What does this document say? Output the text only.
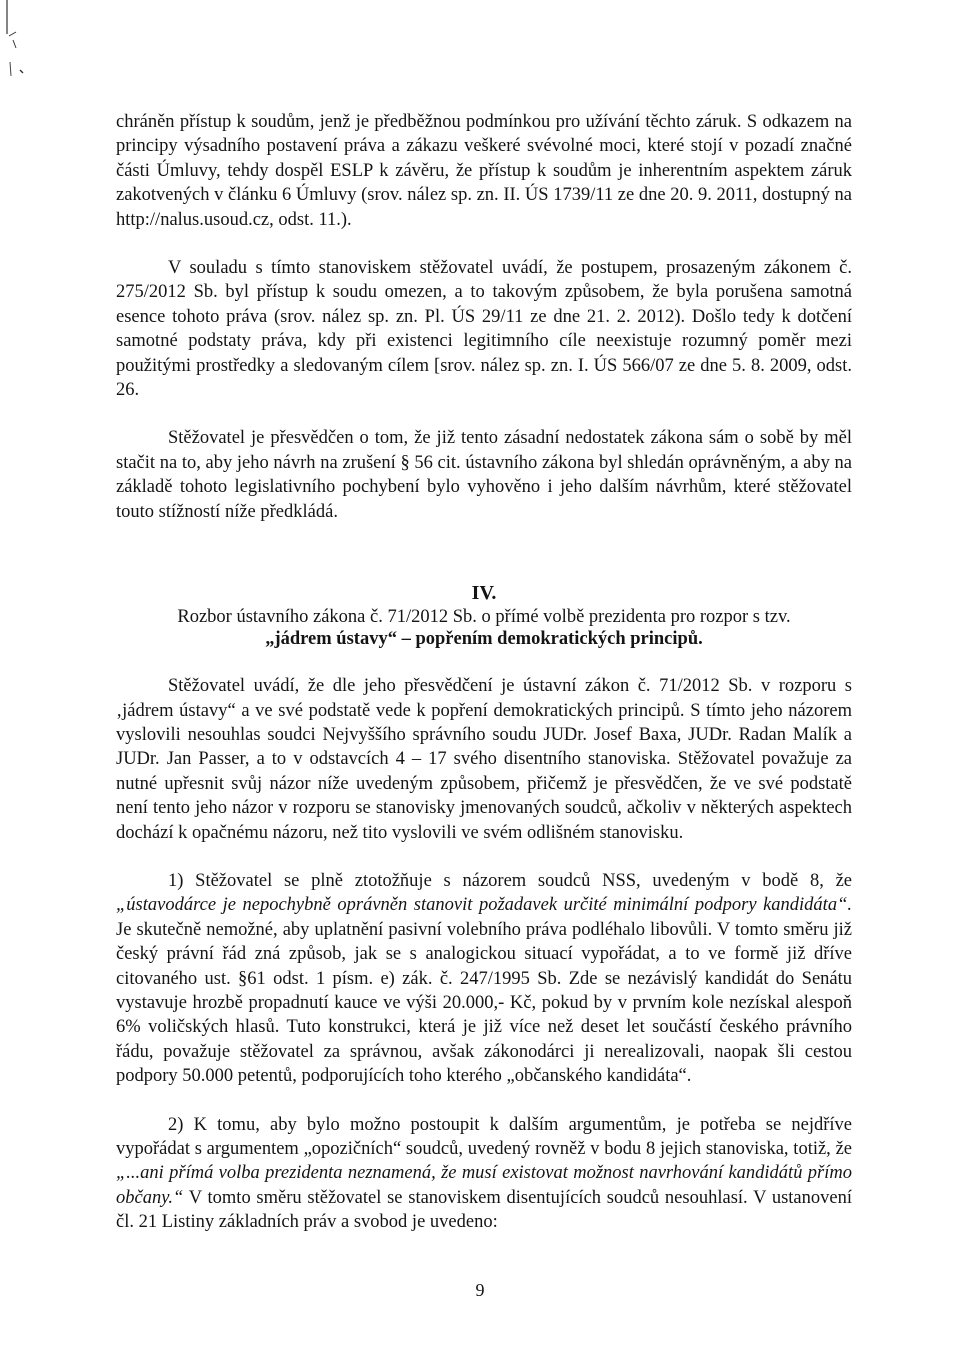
chráněn přístup k soudům, jenž je předběžnou podmínkou pro užívání těchto záruk. S odkazem na principy výsadního postavení práva a zákazu veškeré svévolné moci, které stojí v pozadí značné části Úmluvy, tehdy dospěl ESLP k závěru, že přístup k soudům je inherentním aspektem záruk zakotvených v článku 6 Úmluvy (srov. nález sp. zn. II. ÚS 1739/11 ze dne 20. 9. 2011, dostupný na http://nalus.usoud.cz, odst. 11.).

V souladu s tímto stanoviskem stěžovatel uvádí, že postupem, prosazeným zákonem č. 275/2012 Sb. byl přístup k soudu omezen, a to takovým způsobem, že byla porušena samotná esence tohoto práva (srov. nález sp. zn. Pl. ÚS 29/11 ze dne 21. 2. 2012). Došlo tedy k dotčení samotné podstaty práva, kdy při existenci legitimního cíle neexistuje rozumný poměr mezi použitými prostředky a sledovaným cílem [srov. nález sp. zn. I. ÚS 566/07 ze dne 5. 8. 2009, odst. 26.

Stěžovatel je přesvědčen o tom, že již tento zásadní nedostatek zákona sám o sobě by měl stačit na to, aby jeho návrh na zrušení § 56 cit. ústavního zákona byl shledán oprávněným, a aby na základě tohoto legislativního pochybení bylo vyhověno i jeho dalším návrhům, které stěžovatel touto stížností níže předkládá.

IV.
Rozbor ústavního zákona č. 71/2012 Sb. o přímé volbě prezidenta pro rozpor s tzv.
„jádrem ústavy“ – popřením demokratických principů.

Stěžovatel uvádí, že dle jeho přesvědčení je ústavní zákon č. 71/2012 Sb. v rozporu s ‚jádrem ústavy“ a ve své podstatě vede k popření demokratických principů. S tímto jeho názorem vyslovili nesouhlas soudci Nejvyššího správního soudu JUDr. Josef Baxa, JUDr. Radan Malík a JUDr. Jan Passer, a to v odstavcích 4 – 17 svého disentního stanoviska. Stěžovatel považuje za nutné upřesnit svůj názor níže uvedeným způsobem, přičemž je přesvědčen, že ve své podstatě není tento jeho názor v rozporu se stanovisky jmenovaných soudců, ačkoliv v některých aspektech dochází k opačnému názoru, než tito vyslovili ve svém odlišném stanovisku.

1) Stěžovatel se plně ztotožňuje s názorem soudců NSS, uvedeným v bodě 8, že „ústavodárce je nepochybně oprávněn stanovit požadavek určité minimální podpory kandidáta“. Je skutečně nemožné, aby uplatnění pasivní volebního práva podléhalo libovůli. V tomto směru již český právní řád zná způsob, jak se s analogickou situací vypořádat, a to ve formě již dříve citovaného ust. §61 odst. 1 písm. e) zák. č. 247/1995 Sb. Zde se nezávislý kandidát do Senátu vystavuje hrozbě propadnutí kauce ve výši 20.000,- Kč, pokud by v prvním kole nezískal alespoň 6% voličských hlasů. Tuto konstrukci, která je již více než deset let součástí českého právního řádu, považuje stěžovatel za správnou, avšak zákonodárci ji nerealizovali, naopak šli cestou podpory 50.000 petentů, podporujících toho kterého „občanského kandidáta“.

2) K tomu, aby bylo možno postoupit k dalším argumentům, je potřeba se nejdříve vypořádat s argumentem „opozičních“ soudců, uvedený rovněž v bodu 8 jejich stanoviska, totiž, že „...ani přímá volba prezidenta neznamená, že musí existovat možnost navrhování kandidátů přímo občany.“ V tomto směru stěžovatel se stanoviskem disentujících soudců nesouhlasí. V ustanovení čl. 21 Listiny základních práv a svobod je uvedeno:

9
